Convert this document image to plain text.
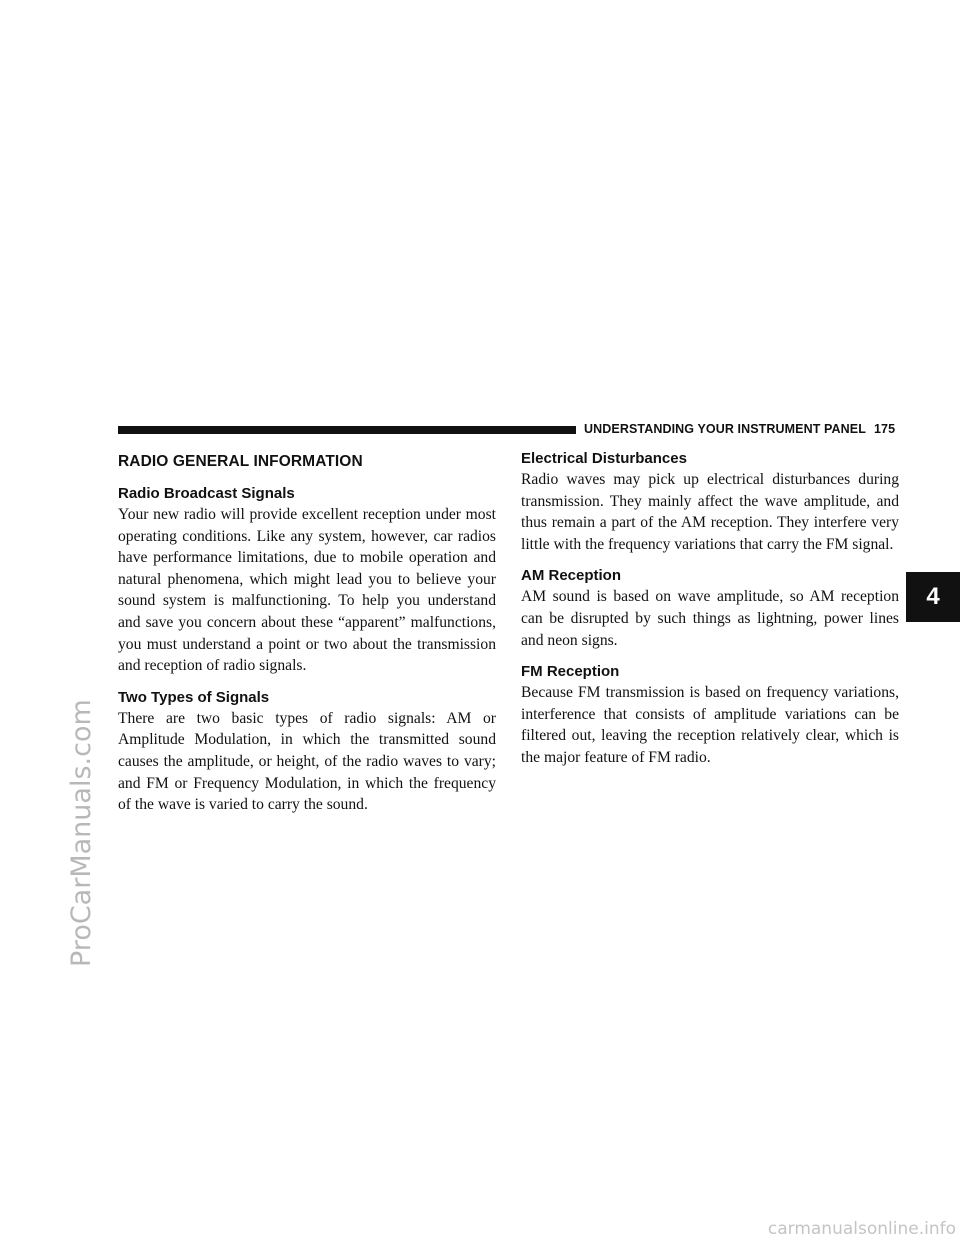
UNDERSTANDING YOUR INSTRUMENT PANEL 175
RADIO GENERAL INFORMATION
Radio Broadcast Signals

Your new radio will provide excellent reception under most operating conditions. Like any system, however, car radios have performance limitations, due to mobile operation and natural phenomena, which might lead you to believe your sound system is malfunctioning. To help you understand and save you concern about these “apparent” malfunctions, you must understand a point or two about the transmission and reception of radio signals.

Two Types of Signals

There are two basic types of radio signals: AM or Amplitude Modulation, in which the transmitted sound causes the amplitude, or height, of the radio waves to vary; and FM or Frequency Modulation, in which the frequency of the wave is varied to carry the sound.

Electrical Disturbances

Radio waves may pick up electrical disturbances during transmission. They mainly affect the wave amplitude, and thus remain a part of the AM reception. They interfere very little with the frequency variations that carry the FM signal.

AM Reception

AM sound is based on wave amplitude, so AM reception can be disrupted by such things as lightning, power lines and neon signs.

FM Reception

Because FM transmission is based on frequency variations, interference that consists of amplitude variations can be filtered out, leaving the reception relatively clear, which is the major feature of FM radio.

4
ProCarManuals.com
carmanualsonline.info
